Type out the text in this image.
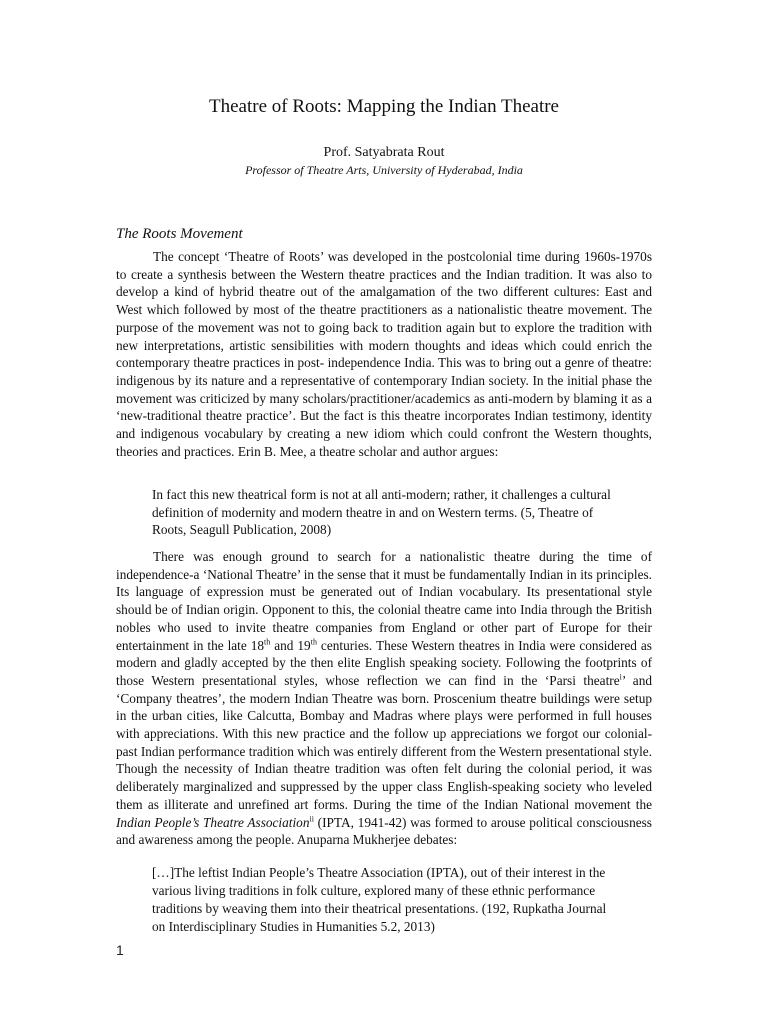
Theatre of Roots: Mapping the Indian Theatre
Prof. Satyabrata Rout
Professor of Theatre Arts, University of Hyderabad, India
The Roots Movement

The concept ‘Theatre of Roots’ was developed in the postcolonial time during 1960s-1970s to create a synthesis between the Western theatre practices and the Indian tradition. It was also to develop a kind of hybrid theatre out of the amalgamation of the two different cultures: East and West which followed by most of the theatre practitioners as a nationalistic theatre movement. The purpose of the movement was not to going back to tradition again but to explore the tradition with new interpretations, artistic sensibilities with modern thoughts and ideas which could enrich the contemporary theatre practices in post- independence India. This was to bring out a genre of theatre: indigenous by its nature and a representative of contemporary Indian society. In the initial phase the movement was criticized by many scholars/practitioner/academics as anti-modern by blaming it as a ‘new-traditional theatre practice’. But the fact is this theatre incorporates Indian testimony, identity and indigenous vocabulary by creating a new idiom which could confront the Western thoughts, theories and practices. Erin B. Mee, a theatre scholar and author argues:

In fact this new theatrical form is not at all anti-modern; rather, it challenges a cultural definition of modernity and modern theatre in and on Western terms. (5, Theatre of Roots, Seagull Publication, 2008)

There was enough ground to search for a nationalistic theatre during the time of independence-a ‘National Theatre’ in the sense that it must be fundamentally Indian in its principles. Its language of expression must be generated out of Indian vocabulary. Its presentational style should be of Indian origin. Opponent to this, the colonial theatre came into India through the British nobles who used to invite theatre companies from England or other part of Europe for their entertainment in the late 18th and 19th centuries. These Western theatres in India were considered as modern and gladly accepted by the then elite English speaking society. Following the footprints of those Western presentational styles, whose reflection we can find in the ‘Parsi theatre$^i$’ and ‘Company theatres’, the modern Indian Theatre was born. Proscenium theatre buildings were setup in the urban cities, like Calcutta, Bombay and Madras where plays were performed in full houses with appreciations. With this new practice and the follow up appreciations we forgot our colonial-past Indian performance tradition which was entirely different from the Western presentational style. Though the necessity of Indian theatre tradition was often felt during the colonial period, it was deliberately marginalized and suppressed by the upper class English-speaking society who leveled them as illiterate and unrefined art forms. During the time of the Indian National movement the Indian People’s Theatre Association$^{ii}$ (IPTA, 1941-42) was formed to arouse political consciousness and awareness among the people. Anuparna Mukherjee debates:

[…]The leftist Indian People’s Theatre Association (IPTA), out of their interest in the various living traditions in folk culture, explored many of these ethnic performance traditions by weaving them into their theatrical presentations. (192, Rupkatha Journal on Interdisciplinary Studies in Humanities 5.2, 2013)

1
